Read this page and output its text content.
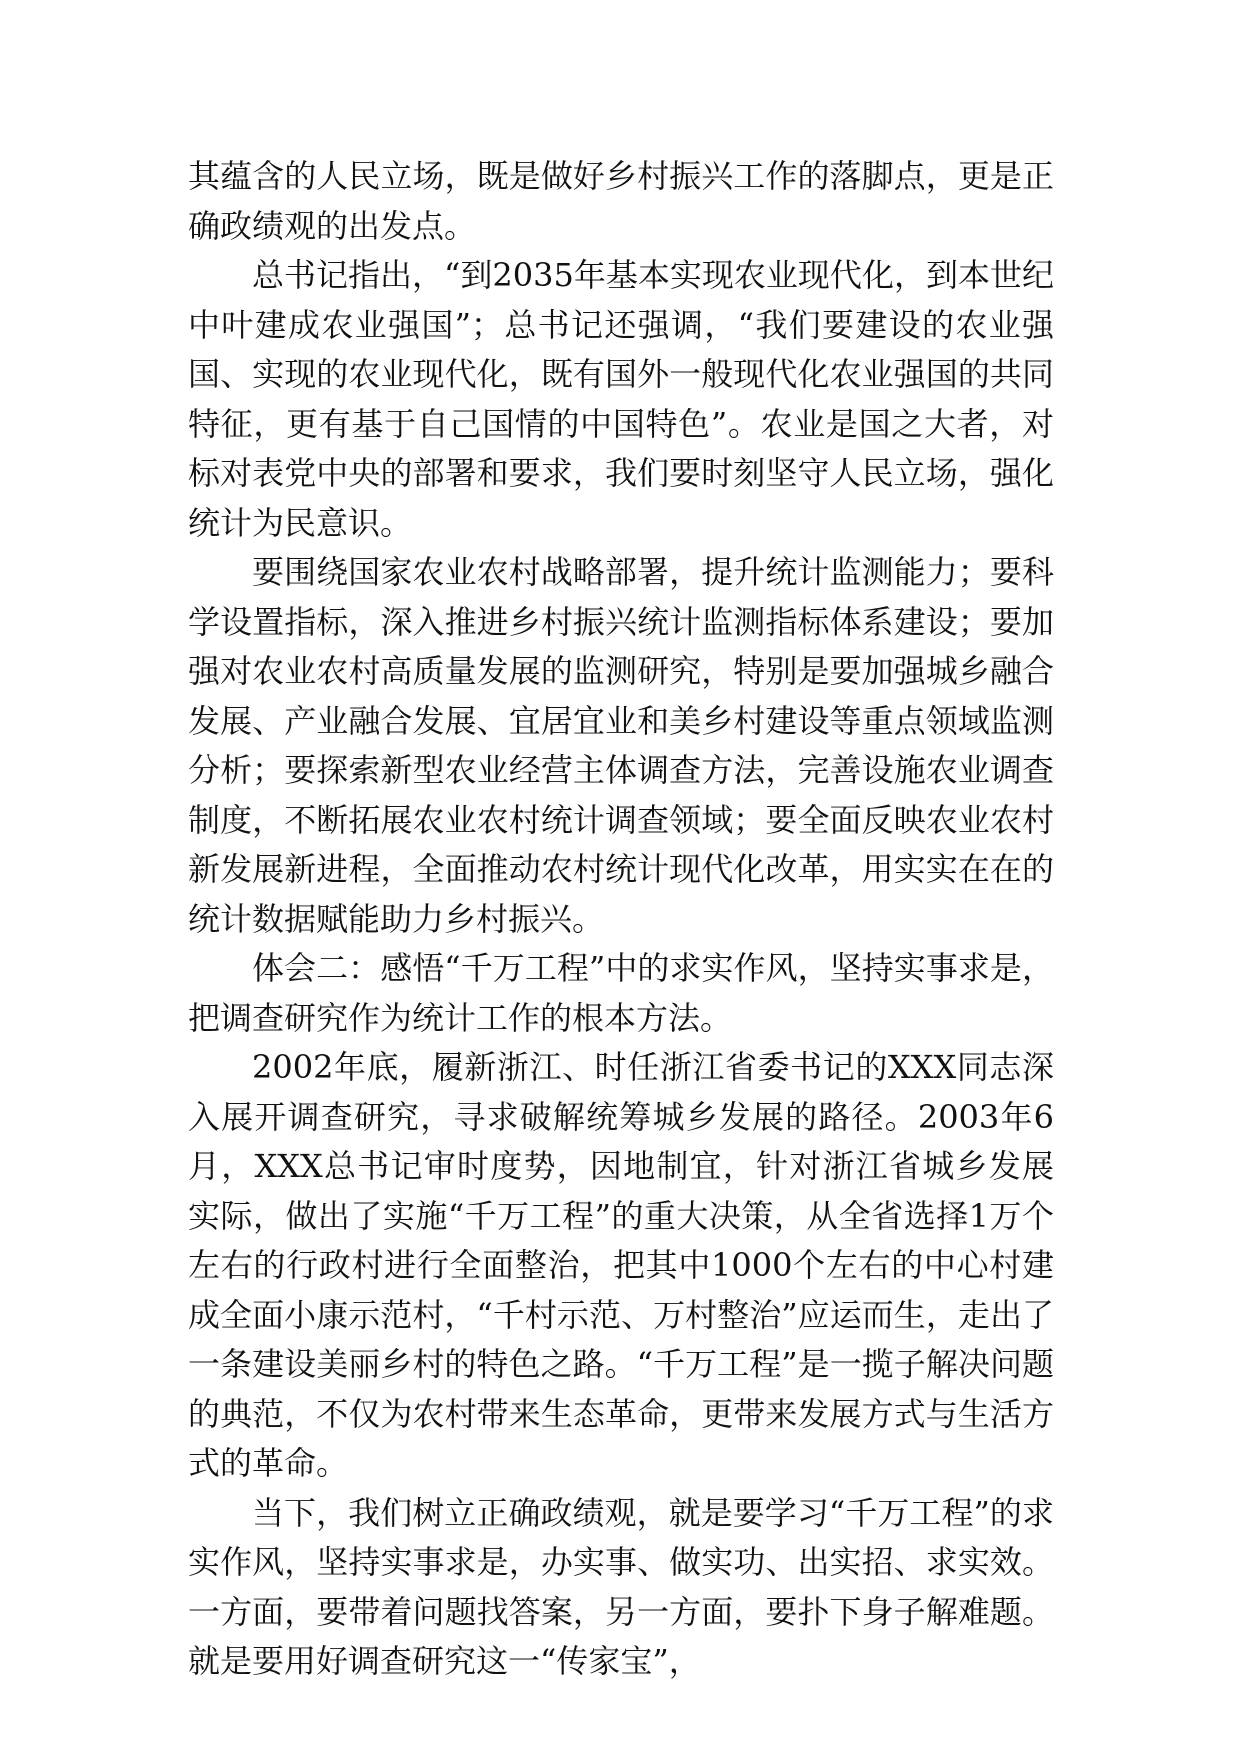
其蕴含的人民立场，既是做好乡村振兴工作的落脚点，更是正确政绩观的出发点。

总书记指出，“到2035年基本实现农业现代化，到本世纪中叶建成农业强国”；总书记还强调，“我们要建设的农业强国、实现的农业现代化，既有国外一般现代化农业强国的共同特征，更有基于自己国情的中国特色”。农业是国之大者，对标对表党中央的部署和要求，我们要时刻坚守人民立场，强化统计为民意识。

要围绕国家农业农村战略部署，提升统计监测能力；要科学设置指标，深入推进乡村振兴统计监测指标体系建设；要加强对农业农村高质量发展的监测研究，特别是要加强城乡融合发展、产业融合发展、宜居宜业和美乡村建设等重点领域监测分析；要探索新型农业经营主体调查方法，完善设施农业调查制度，不断拓展农业农村统计调查领域；要全面反映农业农村新发展新进程，全面推动农村统计现代化改革，用实实在在的统计数据赋能助力乡村振兴。

体会二：感悟“千万工程”中的求实作风，坚持实事求是，把调查研究作为统计工作的根本方法。

2002年底，履新浙江、时任浙江省委书记的XXX同志深入展开调查研究，寻求破解统筹城乡发展的路径。2003年6月，XXX总书记审时度势，因地制宜，针对浙江省城乡发展实际，做出了实施“千万工程”的重大决策，从全省选择1万个左右的行政村进行全面整治，把其中1000个左右的中心村建成全面小康示范村，“千村示范、万村整治”应运而生，走出了一条建设美丽乡村的特色之路。“千万工程”是一揽子解决问题的典范，不仅为农村带来生态革命，更带来发展方式与生活方式的革命。

当下，我们树立正确政绩观，就是要学习“千万工程”的求实作风，坚持实事求是，办实事、做实功、出实招、求实效。一方面，要带着问题找答案，另一方面，要扑下身子解难题。就是要用好调查研究这一“传家宝”，
